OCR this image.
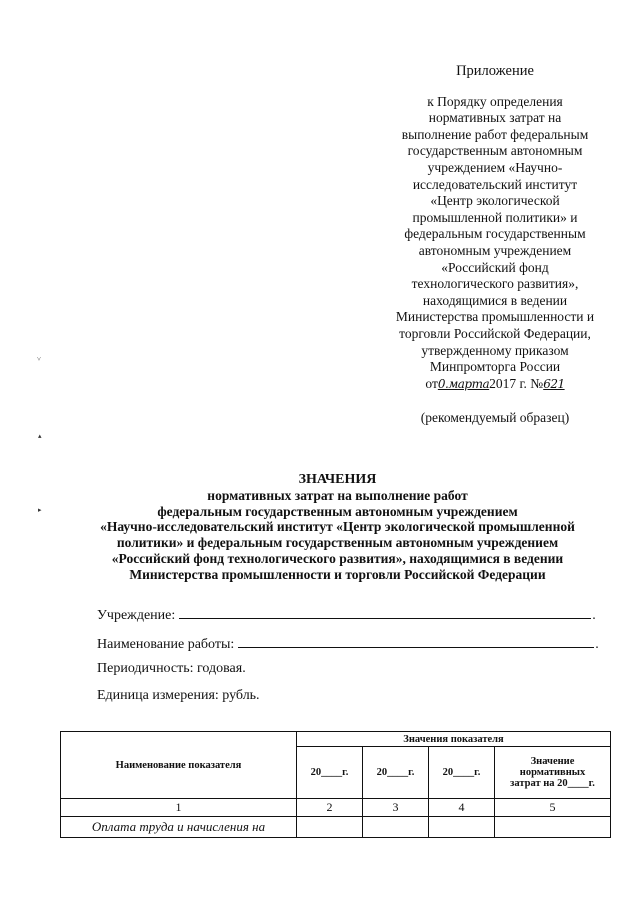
˅
▴
▸
Приложение
к Порядку определения
нормативных затрат на
выполнение работ федеральным
государственным автономным
учреждением «Научно-
исследовательский институт
«Центр экологической
промышленной политики» и
федеральным государственным
автономным учреждением
«Российский фонд
технологического развития»,
находящимися в ведении
Министерства промышленности и
торговли Российской Федерации,
утвержденному приказом
Минпромторга России
от0.марта2017 г. №621
(рекомендуемый образец)
ЗНАЧЕНИЯ
нормативных затрат на выполнение работ
федеральным государственным автономным учреждением
«Научно-исследовательский институт «Центр экологической промышленной
политики» и федеральным государственным автономным учреждением
«Российский фонд технологического развития», находящимися в ведении
Министерства промышленности и торговли Российской Федерации
Учреждение:	.
Наименование работы:	.
Периодичность: годовая.
Единица измерения: рубль.
Наименование показателя	Значения показателя			
	20____г.	20____г.	20____г.	Значение
нормативных
затрат на 20____г.

1	2	3	4	5
Оплата труда и начисления на				
